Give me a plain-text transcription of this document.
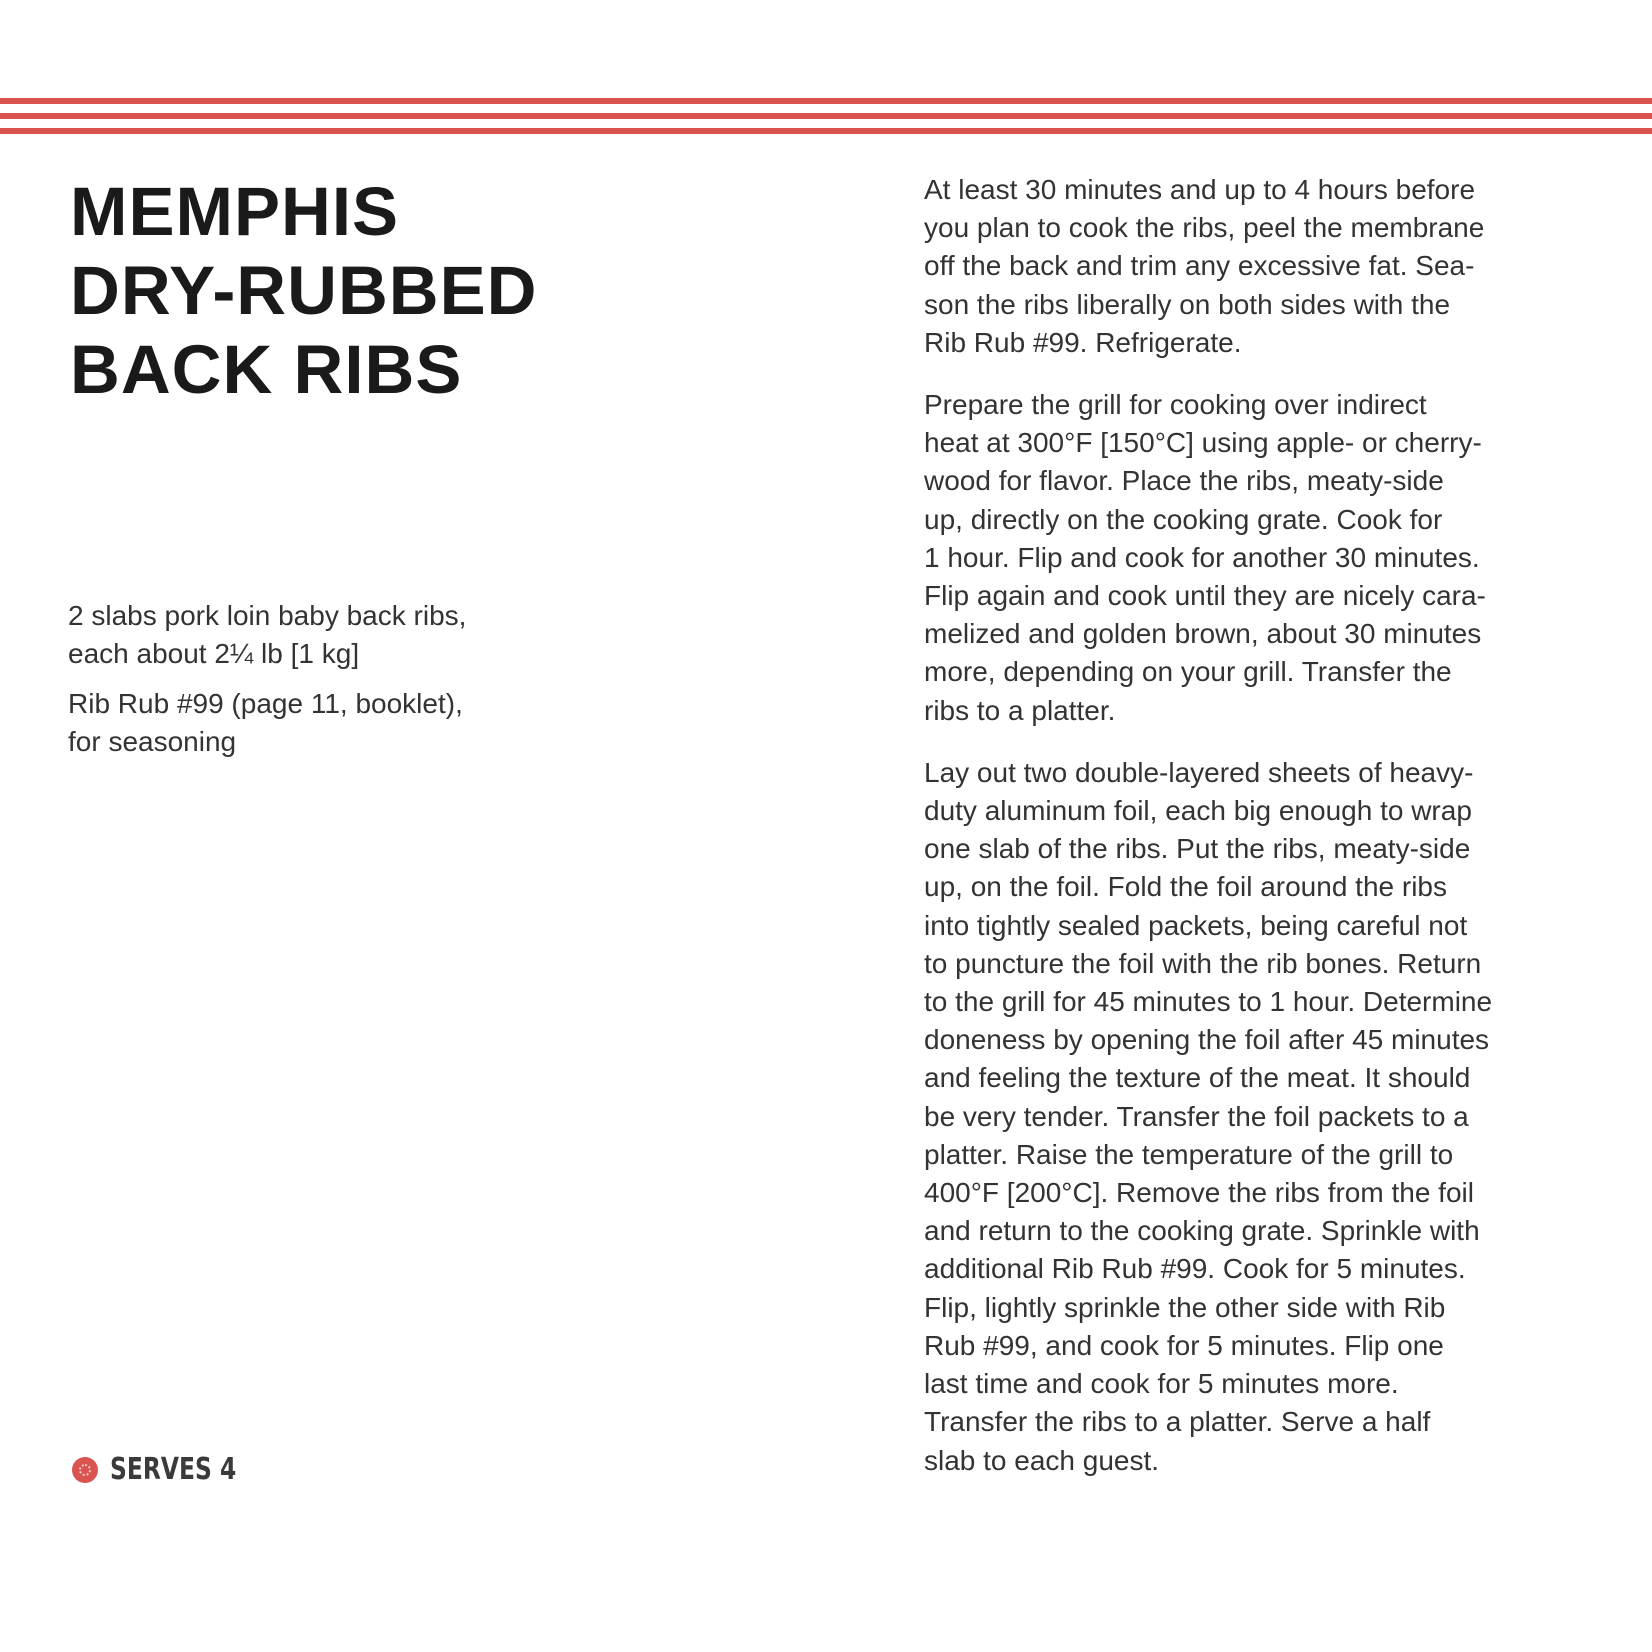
MEMPHIS
DRY-RUBBED
BACK RIBS

2 slabs pork loin baby back ribs,
each about 2¼ lb [1 kg]

Rib Rub #99 (page 11, booklet),
for seasoning

SERVES 4
At least 30 minutes and up to 4 hours before
you plan to cook the ribs, peel the membrane
off the back and trim any excessive fat. Sea-
son the ribs liberally on both sides with the
Rib Rub #99. Refrigerate.
Prepare the grill for cooking over indirect
heat at 300°F [150°C] using apple- or cherry-
wood for flavor. Place the ribs, meaty-side
up, directly on the cooking grate. Cook for
1 hour. Flip and cook for another 30 minutes.
Flip again and cook until they are nicely cara-
melized and golden brown, about 30 minutes
more, depending on your grill. Transfer the
ribs to a platter.
Lay out two double-layered sheets of heavy-
duty aluminum foil, each big enough to wrap
one slab of the ribs. Put the ribs, meaty-side
up, on the foil. Fold the foil around the ribs
into tightly sealed packets, being careful not
to puncture the foil with the rib bones. Return
to the grill for 45 minutes to 1 hour. Determine
doneness by opening the foil after 45 minutes
and feeling the texture of the meat. It should
be very tender. Transfer the foil packets to a
platter. Raise the temperature of the grill to
400°F [200°C]. Remove the ribs from the foil
and return to the cooking grate. Sprinkle with
additional Rib Rub #99. Cook for 5 minutes.
Flip, lightly sprinkle the other side with Rib
Rub #99, and cook for 5 minutes. Flip one
last time and cook for 5 minutes more.
Transfer the ribs to a platter. Serve a half
slab to each guest.
